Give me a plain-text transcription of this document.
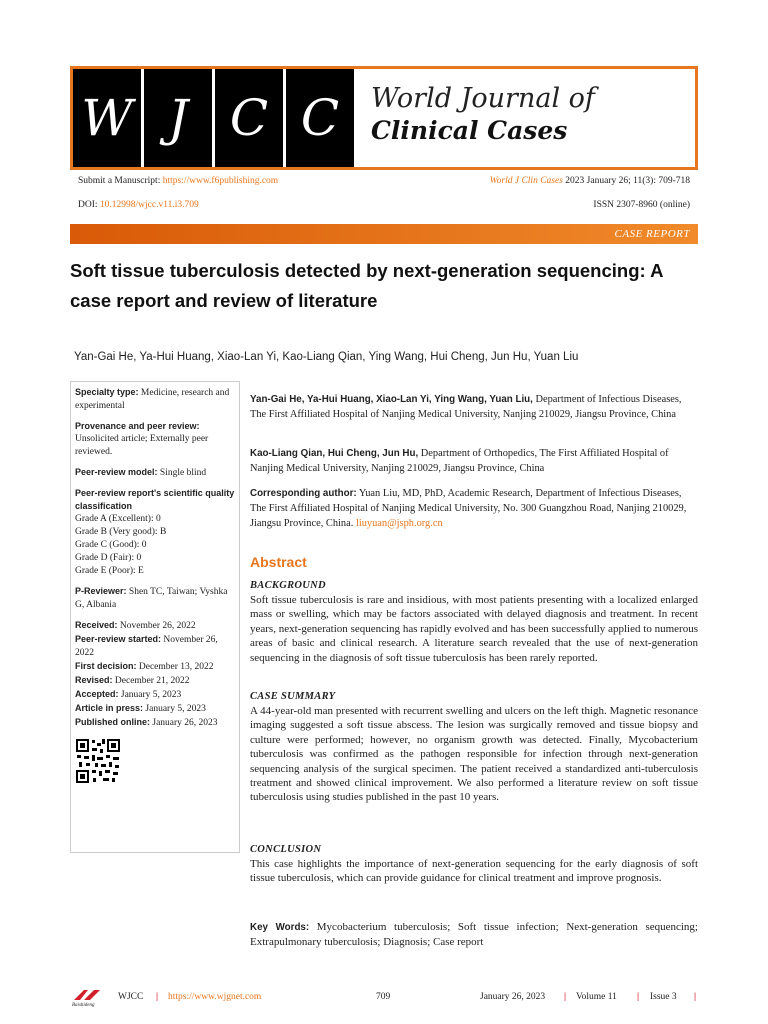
W J C C	World Journal of
Clinical Cases
Submit a Manuscript: https://www.f6publishing.com	World J Clin Cases 2023 January 26; 11(3): 709-718
DOI: 10.12998/wjcc.v11.i3.709	ISSN 2307-8960 (online)
CASE REPORT
Soft tissue tuberculosis detected by next-generation sequencing: A case report and review of literature
Yan-Gai He, Ya-Hui Huang, Xiao-Lan Yi, Kao-Liang Qian, Ying Wang, Hui Cheng, Jun Hu, Yuan Liu
Specialty type: Medicine, research and experimental
Provenance and peer review:
Unsolicited article; Externally peer reviewed.
Peer-review model: Single blind
Peer-review report's scientific quality classification
Grade A (Excellent): 0
Grade B (Very good): B
Grade C (Good): 0
Grade D (Fair): 0
Grade E (Poor): E
P-Reviewer: Shen TC, Taiwan; Vyshka G, Albania
Received: November 26, 2022
Peer-review started: November 26, 2022
First decision: December 13, 2022
Revised: December 21, 2022
Accepted: January 5, 2023
Article in press: January 5, 2023
Published online: January 26, 2023
Yan-Gai He, Ya-Hui Huang, Xiao-Lan Yi, Ying Wang, Yuan Liu, Department of Infectious Diseases, The First Affiliated Hospital of Nanjing Medical University, Nanjing 210029, Jiangsu Province, China
Kao-Liang Qian, Hui Cheng, Jun Hu, Department of Orthopedics, The First Affiliated Hospital of Nanjing Medical University, Nanjing 210029, Jiangsu Province, China
Corresponding author: Yuan Liu, MD, PhD, Academic Research, Department of Infectious Diseases, The First Affiliated Hospital of Nanjing Medical University, No. 300 Guangzhou Road, Nanjing 210029, Jiangsu Province, China. liuyuan@jsph.org.cn
Abstract
BACKGROUND
Soft tissue tuberculosis is rare and insidious, with most patients presenting with a localized enlarged mass or swelling, which may be factors associated with delayed diagnosis and treatment. In recent years, next-generation sequencing has rapidly evolved and has been successfully applied to numerous areas of basic and clinical research. A literature search revealed that the use of next-generation sequencing in the diagnosis of soft tissue tuberculosis has been rarely reported.
CASE SUMMARY
A 44-year-old man presented with recurrent swelling and ulcers on the left thigh. Magnetic resonance imaging suggested a soft tissue abscess. The lesion was surgically removed and tissue biopsy and culture were performed; however, no organism growth was detected. Finally, Mycobacterium tuberculosis was confirmed as the pathogen responsible for infection through next-generation sequencing analysis of the surgical specimen. The patient received a standardized anti-tuberculosis treatment and showed clinical improvement. We also performed a literature review on soft tissue tuberculosis using studies published in the past 10 years.
CONCLUSION
This case highlights the importance of next-generation sequencing for the early diagnosis of soft tissue tuberculosis, which can provide guidance for clinical treatment and improve prognosis.
Key Words: Mycobacterium tuberculosis; Soft tissue infection; Next-generation sequencing; Extrapulmonary tuberculosis; Diagnosis; Case report
Baishideng
WJCC | https://www.wjgnet.com	709	January 26, 2023 | Volume 11 | Issue 3 |
